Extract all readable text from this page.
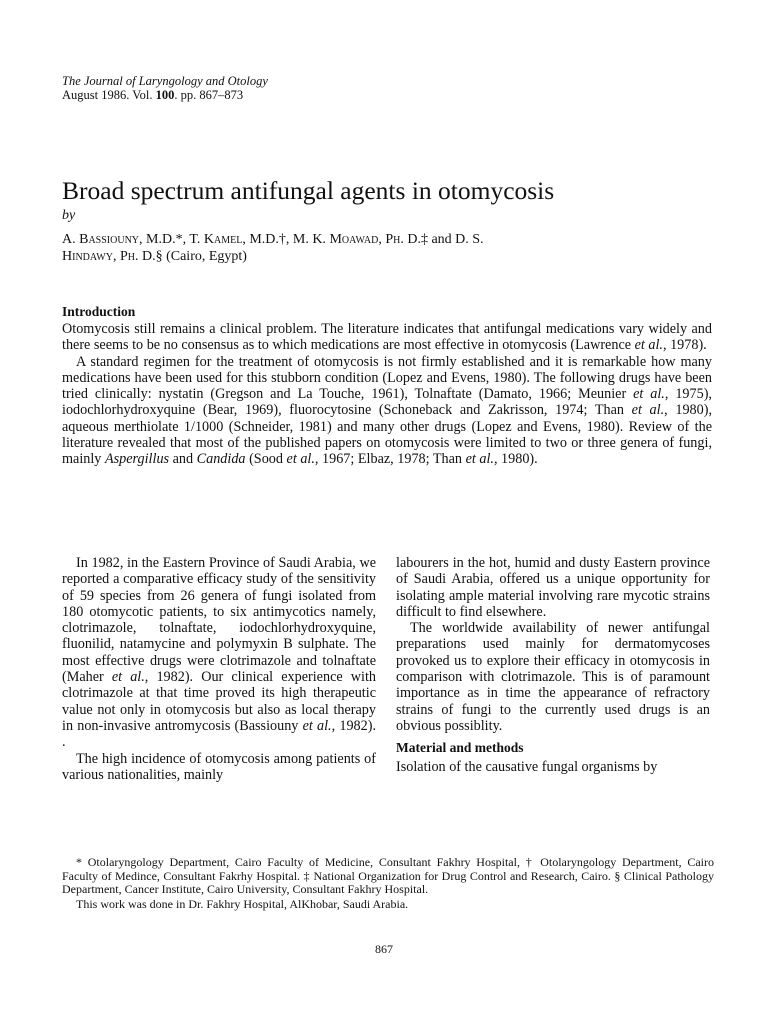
The Journal of Laryngology and Otology
August 1986. Vol. 100. pp. 867–873
Broad spectrum antifungal agents in otomycosis
by
A. Bassiouny, M.D.*, T. Kamel, M.D.†, M. K. Moawad, Ph. D.‡ and D. S.
Hindawy, Ph. D.§ (Cairo, Egypt)
Introduction

Otomycosis still remains a clinical problem. The literature indicates that antifungal medications vary widely and there seems to be no consensus as to which medications are most effective in otomycosis (Lawrence et al., 1978).

A standard regimen for the treatment of otomycosis is not firmly established and it is remarkable how many medications have been used for this stubborn condition (Lopez and Evens, 1980). The following drugs have been tried clinically: nystatin (Gregson and La Touche, 1961), Tolnaftate (Damato, 1966; Meunier et al., 1975), iodochlorhydroxyquine (Bear, 1969), fluorocytosine (Schoneback and Zakrisson, 1974; Than et al., 1980), aqueous merthiolate 1/1000 (Schneider, 1981) and many other drugs (Lopez and Evens, 1980). Review of the literature revealed that most of the published papers on otomycosis were limited to two or three genera of fungi, mainly Aspergillus and Candida (Sood et al., 1967; Elbaz, 1978; Than et al., 1980).

In 1982, in the Eastern Province of Saudi Arabia, we reported a comparative efficacy study of the sensitivity of 59 species from 26 genera of fungi isolated from 180 otomycotic patients, to six antimycotics namely, clotrimazole, tolnaftate, iodochlorhydroxyquine, fluonilid, natamycine and polymyxin B sulphate. The most effective drugs were clotrimazole and tolnaftate (Maher et al., 1982). Our clinical experience with clotrimazole at that time proved its high therapeutic value not only in otomycosis but also as local therapy in non-invasive antromycosis (Bassiouny et al., 1982). .

The high incidence of otomycosis among patients of various nationalities, mainly

labourers in the hot, humid and dusty Eastern province of Saudi Arabia, offered us a unique opportunity for isolating ample material involving rare mycotic strains difficult to find elsewhere.

The worldwide availability of newer antifungal preparations used mainly for dermatomycoses provoked us to explore their efficacy in otomycosis in comparison with clotrimazole. This is of paramount importance as in time the appearance of refractory strains of fungi to the currently used drugs is an obvious possiblity.

Material and methods

Isolation of the causative fungal organisms by

* Otolaryngology Department, Cairo Faculty of Medicine, Consultant Fakhry Hospital, † Otolaryngology Department, Cairo Faculty of Medince, Consultant Fakrhy Hospital. ‡ National Organization for Drug Control and Research, Cairo. § Clinical Pathology Department, Cancer Institute, Cairo University, Consultant Fakhry Hospital.

This work was done in Dr. Fakhry Hospital, AlKhobar, Saudi Arabia.

867
